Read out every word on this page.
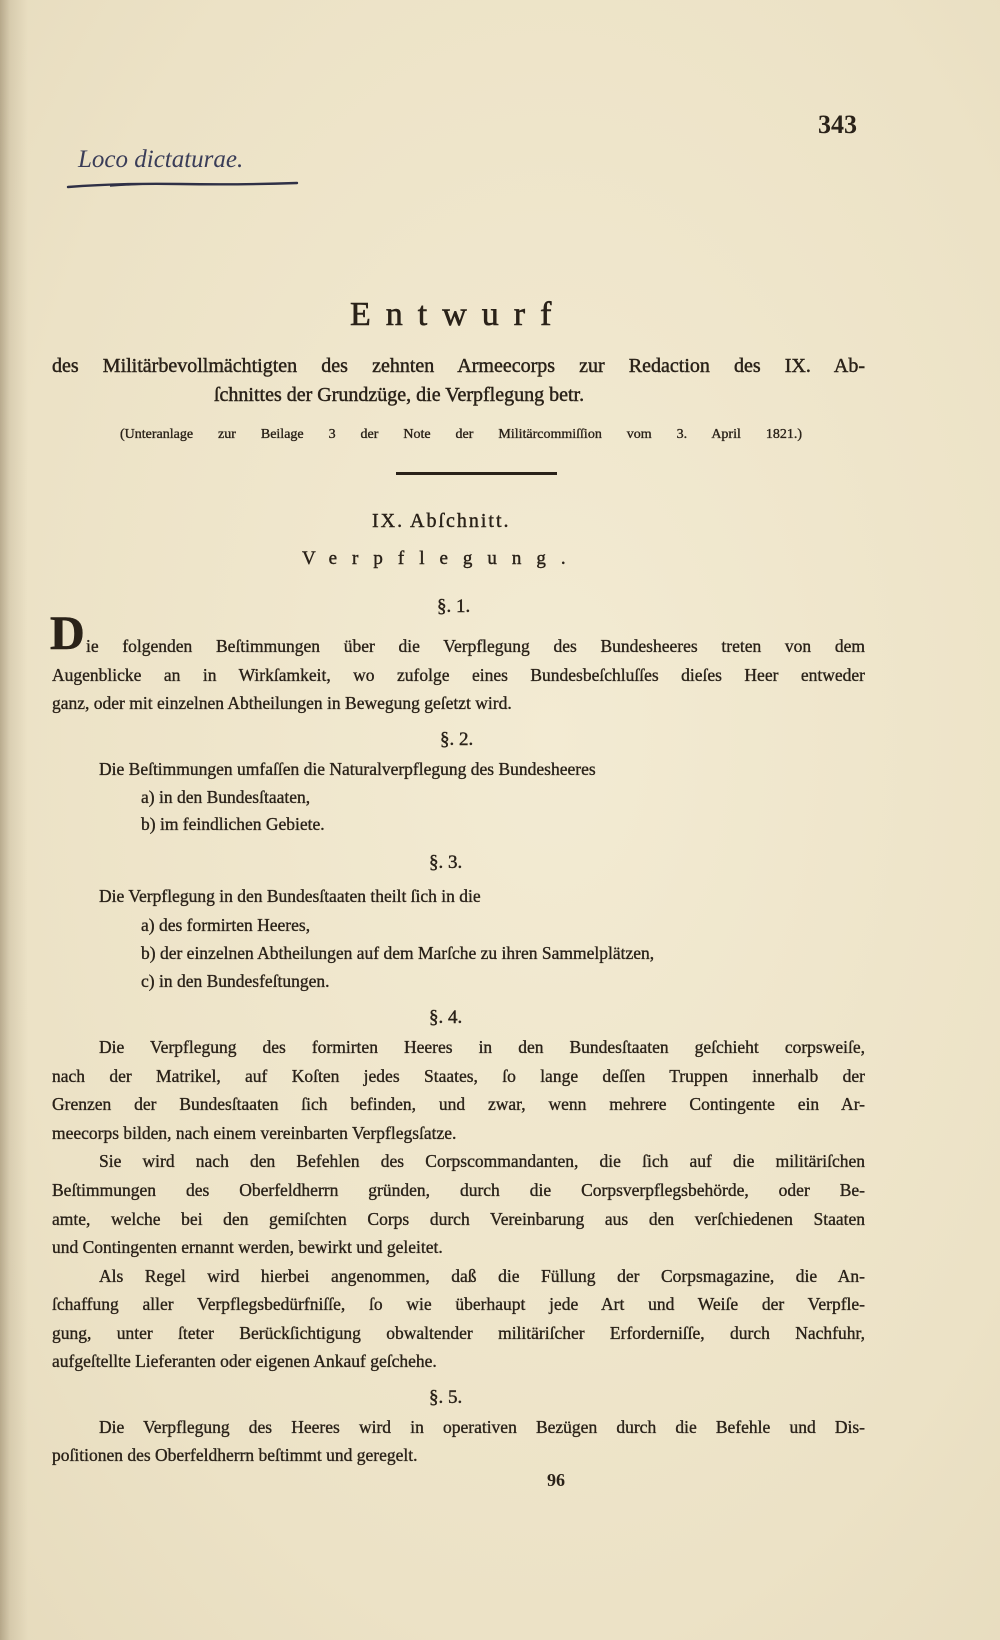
Loco dictaturae.
343
Entwurf
des Militärbevollmächtigten des zehnten Armeecorps zur Redaction des IX. Ab-
ſchnittes der Grundzüge, die Verpflegung betr.
(Unteranlage zur Beilage 3 der Note der Militärcommiſſion vom 3. April 1821.)
IX. Abſchnitt.
Verpflegung.
§. 1.
D ie folgenden Beſtimmungen über die Verpflegung des Bundesheeres treten von dem
Augenblicke an in Wirkſamkeit, wo zufolge eines Bundesbeſchluſſes dieſes Heer entweder
ganz, oder mit einzelnen Abtheilungen in Bewegung geſetzt wird.
§. 2.
Die Beſtimmungen umfaſſen die Naturalverpflegung des Bundesheeres
a) in den Bundesſtaaten,
b) im feindlichen Gebiete.
§. 3.
Die Verpflegung in den Bundesſtaaten theilt ſich in die
a) des formirten Heeres,
b) der einzelnen Abtheilungen auf dem Marſche zu ihren Sammelplätzen,
c) in den Bundesfeſtungen.
§. 4.
Die Verpflegung des formirten Heeres in den Bundesſtaaten geſchieht corpsweiſe,
nach der Matrikel, auf Koſten jedes Staates, ſo lange deſſen Truppen innerhalb der
Grenzen der Bundesſtaaten ſich befinden, und zwar, wenn mehrere Contingente ein Ar-
meecorps bilden, nach einem vereinbarten Verpflegsſatze.
Sie wird nach den Befehlen des Corpscommandanten, die ſich auf die militäriſchen
Beſtimmungen des Oberfeldherrn gründen, durch die Corpsverpflegsbehörde, oder Be-
amte, welche bei den gemiſchten Corps durch Vereinbarung aus den verſchiedenen Staaten
und Contingenten ernannt werden, bewirkt und geleitet.
Als Regel wird hierbei angenommen, daß die Füllung der Corpsmagazine, die An-
ſchaffung aller Verpflegsbedürfniſſe, ſo wie überhaupt jede Art und Weiſe der Verpfle-
gung, unter ſteter Berückſichtigung obwaltender militäriſcher Erforderniſſe, durch Nachfuhr,
aufgeſtellte Lieferanten oder eigenen Ankauf geſchehe.
§. 5.
Die Verpflegung des Heeres wird in operativen Bezügen durch die Befehle und Dis-
poſitionen des Oberfeldherrn beſtimmt und geregelt.
96
